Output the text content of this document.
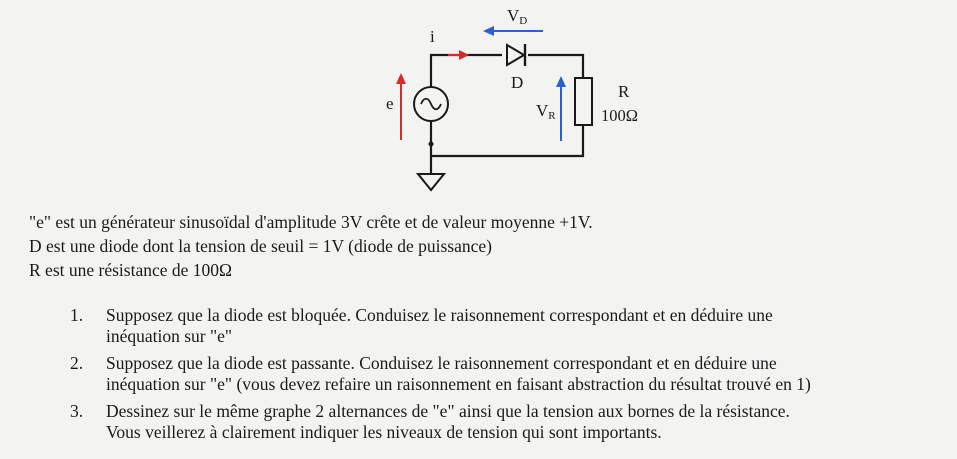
VD
i
D
e	VR
R
100Ω
"e" est un générateur sinusoïdal d'amplitude 3V crête et de valeur moyenne +1V.
D est une diode dont la tension de seuil = 1V (diode de puissance)
R est une résistance de 100Ω
1. Supposez que la diode est bloquée. Conduisez le raisonnement correspondant et en déduire une
inéquation sur "e"
2. Supposez que la diode est passante. Conduisez le raisonnement correspondant et en déduire une
inéquation sur "e" (vous devez refaire un raisonnement en faisant abstraction du résultat trouvé en 1)
3. Dessinez sur le même graphe 2 alternances de "e" ainsi que la tension aux bornes de la résistance.
Vous veillerez à clairement indiquer les niveaux de tension qui sont importants.
